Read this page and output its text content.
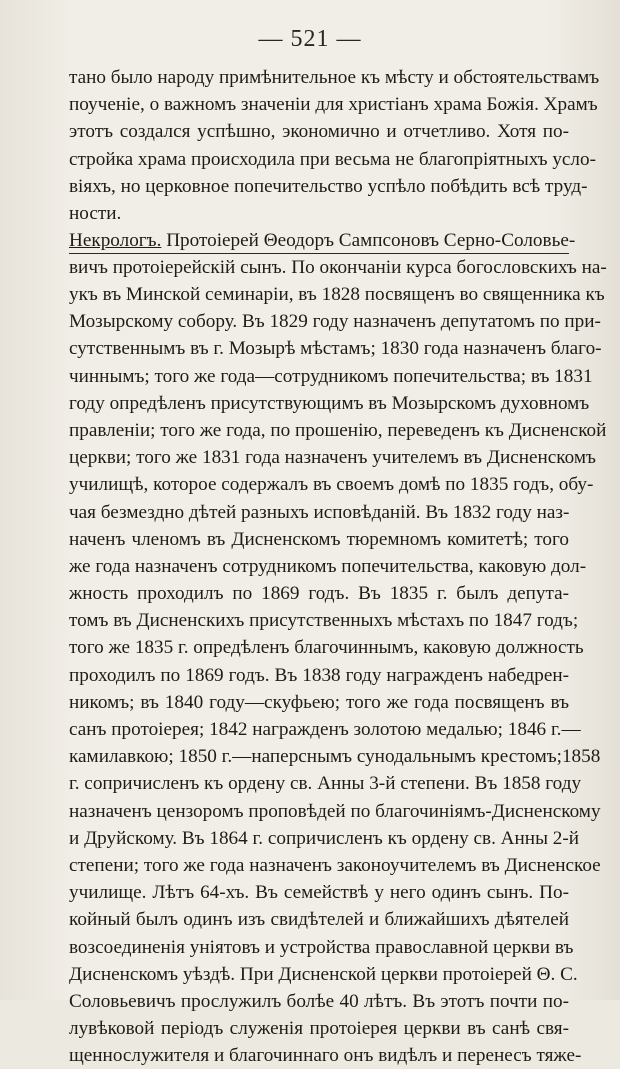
— 521 —
тано было народу примѣнительное къ мѣсту и обстоятельствамъ
поученіе, о важномъ значеніи для христіанъ храма Божія. Храмъ
этотъ создался успѣшно, экономично и отчетливо. Хотя по-
стройка храма происходила при весьма не благопріятныхъ усло-
віяхъ, но церковное попечительство успѣло побѣдить всѣ труд-
ности.
Некрологъ. Протоіерей Θеодоръ Сампсоновъ Серно-Соловье-
вичъ протоіерейскій сынъ. По окончаніи курса богословскихъ на-
укъ въ Минской семинаріи, въ 1828 посвященъ во священника къ
Мозырскому собору. Въ 1829 году назначенъ депутатомъ по при-
сутственнымъ въ г. Мозырѣ мѣстамъ; 1830 года назначенъ благо-
чиннымъ; того же года—сотрудникомъ попечительства; въ 1831
году опредѣленъ присутствующимъ въ Мозырскомъ духовномъ
правленіи; того же года, по прошенію, переведенъ къ Дисненской
церкви; того же 1831 года назначенъ учителемъ въ Дисненскомъ
училищѣ, которое содержалъ въ своемъ домѣ по 1835 годъ, обу-
чая безмездно дѣтей разныхъ исповѣданій. Въ 1832 году наз-
наченъ членомъ въ Дисненскомъ тюремномъ комитетѣ; того
же года назначенъ сотрудникомъ попечительства, каковую дол-
жность проходилъ по 1869 годъ. Въ 1835 г. былъ депута-
томъ въ Дисненскихъ присутственныхъ мѣстахъ по 1847 годъ;
того же 1835 г. опредѣленъ благочиннымъ, каковую должность
проходилъ по 1869 годъ. Въ 1838 году награжденъ набедрен-
никомъ; въ 1840 году—скуфьею; того же года посвященъ въ
санъ протоіерея; 1842 награжденъ золотою медалью; 1846 г.—
камилавкою; 1850 г.—наперснымъ сунодальнымъ крестомъ;1858
г. сопричисленъ къ ордену св. Анны 3-й степени. Въ 1858 году
назначенъ цензоромъ проповѣдей по благочиніямъ-Дисненскому
и Друйскому. Въ 1864 г. сопричисленъ къ ордену св. Анны 2-й
степени; того же года назначенъ законоучителемъ въ Дисненское
училище. Лѣтъ 64-хъ. Въ семействѣ у него одинъ сынъ. По-
койный былъ одинъ изъ свидѣтелей и ближайшихъ дѣятелей
возсоединенія уніятовъ и устройства православной церкви въ
Дисненскомъ уѣздѣ. При Дисненской церкви протоіерей Θ. С.
Соловьевичъ прослужилъ болѣе 40 лѣтъ. Въ этотъ почти по-
лувѣковой періодъ служенія протоіерея церкви въ санѣ свя-
щеннослужителя и благочиннаго онъ видѣлъ и перенесъ тяже-
